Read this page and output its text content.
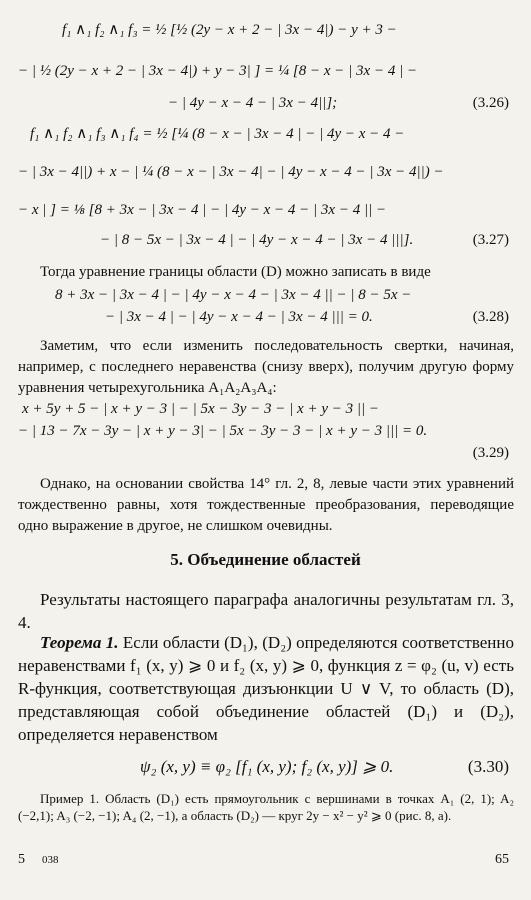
f₁ ∧₁ f₂ ∧₁ f₃ = ½ [½ (2y − x + 2 − | 3x − 4|) − y + 3 −
− | ½ (2y − x + 2 − | 3x − 4|) + y − 3| ] = ¼ [8 − x − | 3x − 4 | −
− | 4y − x − 4 − | 3x − 4||];	(3.26)
f₁ ∧₁ f₂ ∧₁ f₃ ∧₁ f₄ = ½ [¼ (8 − x − | 3x − 4 | − | 4y − x − 4 −
− | 3x − 4||) + x − | ¼ (8 − x − | 3x − 4| − | 4y − x − 4 − | 3x − 4||) −
− x | ] = ⅛ [8 + 3x − | 3x − 4 | − | 4y − x − 4 − | 3x − 4 || −
− | 8 − 5x − | 3x − 4 | − | 4y − x − 4 − | 3x − 4 |||].	(3.27)
Тогда уравнение границы области (D) можно записать в виде
8 + 3x − | 3x − 4 | − | 4y − x − 4 − | 3x − 4 || − | 8 − 5x −
− | 3x − 4 | − | 4y − x − 4 − | 3x − 4 ||| = 0.	(3.28)
Заметим, что если изменить последовательность свертки, начиная, например, с последнего неравенства (снизу вверх), получим другую форму уравнения четырехугольника A₁A₂A₃A₄:
x + 5y + 5 − | x + y − 3 | − | 5x − 3y − 3 − | x + y − 3 || −
− | 13 − 7x − 3y − | x + y − 3| − | 5x − 3y − 3 − | x + y − 3 ||| = 0.
(3.29)
Однако, на основании свойства 14° гл. 2, 8, левые части этих уравнений тождественно равны, хотя тождественные преобразования, переводящие одно выражение в другое, не слишком очевидны.
5. Объединение областей
Результаты настоящего параграфа аналогичны результатам гл. 3, 4.
Теорема 1. Если области (D₁), (D₂) определяются соответственно неравенствами f₁ (x, y) ⩾ 0 и f₂ (x, y) ⩾ 0, функция z = φ₂ (u, v) есть R-функция, соответствующая дизъюнкции U ∨ V, то область (D), представляющая собой объединение областей (D₁) и (D₂), определяется неравенством
ψ₂ (x, y) ≡ φ₂ [f₁ (x, y); f₂ (x, y)] ⩾ 0.	(3.30)
Пример 1. Область (D₁) есть прямоугольник с вершинами в точках A₁ (2, 1); A₂ (−2,1); A₃ (−2, −1); A₄ (2, −1), а область (D₂) — круг 2y − x² − y² ⩾ 0 (рис. 8, а).
5 038	65
